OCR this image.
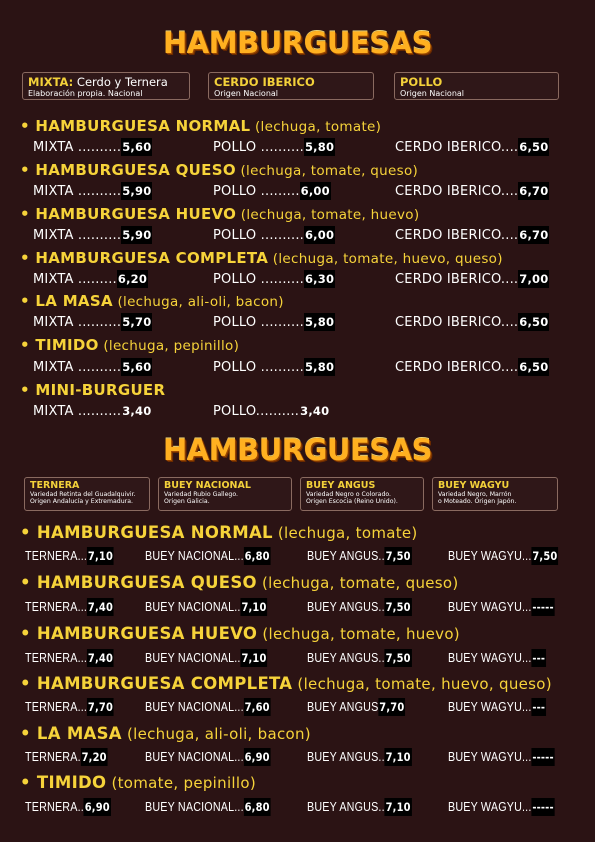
HAMBURGUESAS
MIXTA: Cerdo y Ternera
Elaboración propia. Nacional
CERDO IBERICO
Origen Nacional
POLLO
Origen Nacional
• HAMBURGUESA NORMAL (lechuga, tomate)
MIXTA ..........5,60	POLLO ..........5,80	CERDO IBERICO....6,50
• HAMBURGUESA QUESO (lechuga, tomate, queso)
MIXTA ..........5,90	POLLO .........6,00	CERDO IBERICO....6,70
• HAMBURGUESA HUEVO (lechuga, tomate, huevo)
MIXTA ..........5,90	POLLO ..........6,00	CERDO IBERICO....6,70
• HAMBURGUESA COMPLETA (lechuga, tomate, huevo, queso)
MIXTA .........6,20	POLLO ..........6,30	CERDO IBERICO....7,00
• LA MASA (lechuga, ali-oli, bacon)
MIXTA ..........5,70	POLLO ..........5,80	CERDO IBERICO....6,50
• TIMIDO (lechuga, pepinillo)
MIXTA ..........5,60	POLLO ..........5,80	CERDO IBERICO....6,50
• MINI-BURGUER
MIXTA ..........3,40	POLLO..........3,40
HAMBURGUESAS
TERNERA
Variedad Retinta del Guadalquivir.
Origen Andalucía y Extremadura.
BUEY NACIONAL
Variedad Rubio Gallego.
Origen Galicia.
BUEY ANGUS
Variedad Negro o Colorado.
Origen Escocia (Reino Unido).
BUEY WAGYU
Variedad Negro, Marrón
o Moteado. Origen Japón.
• HAMBURGUESA NORMAL (lechuga, tomate)
TERNERA...7,10	BUEY NACIONAL...6,80	BUEY ANGUS..7,50	BUEY WAGYU...7,50
• HAMBURGUESA QUESO (lechuga, tomate, queso)
TERNERA...7,40	BUEY NACIONAL..7,10	BUEY ANGUS..7,50	BUEY WAGYU...-----
• HAMBURGUESA HUEVO (lechuga, tomate, huevo)
TERNERA...7,40	BUEY NACIONAL..7,10	BUEY ANGUS..7,50	BUEY WAGYU...---
• HAMBURGUESA COMPLETA (lechuga, tomate, huevo, queso)
TERNERA...7,70	BUEY NACIONAL...7,60	BUEY ANGUS7,70	BUEY WAGYU...---
• LA MASA (lechuga, ali-oli, bacon)
TERNERA.7,20	BUEY NACIONAL...6,90	BUEY ANGUS..7,10	BUEY WAGYU...-----
• TIMIDO (tomate, pepinillo)
TERNERA..6,90	BUEY NACIONAL...6,80	BUEY ANGUS..7,10	BUEY WAGYU...-----
